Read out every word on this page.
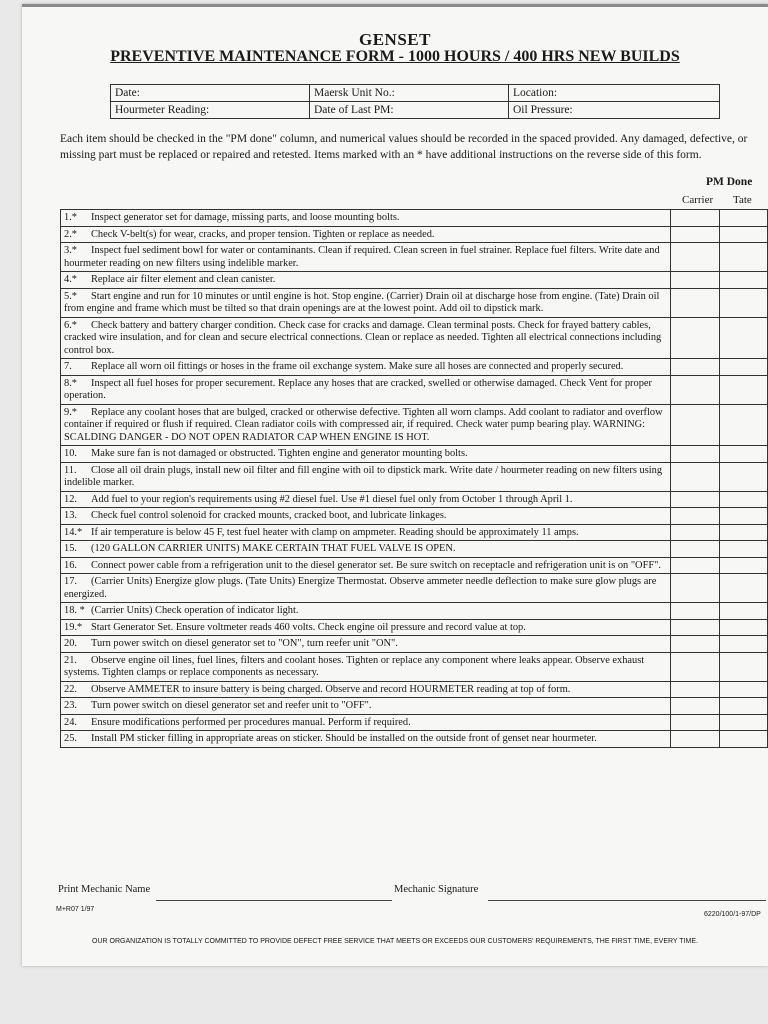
GENSET
PREVENTIVE MAINTENANCE FORM - 1000 HOURS / 400 HRS NEW BUILDS
Date:	Maersk Unit No.:	Location:
Hourmeter Reading:	Date of Last PM:	Oil Pressure:
Each item should be checked in the "PM done" column, and numerical values should be recorded in the spaced provided. Any damaged, defective, or missing part must be replaced or repaired and retested. Items marked with an * have additional instructions on the reverse side of this form.
PM Done
Carrier Tate
1.* Inspect generator set for damage, missing parts, and loose mounting bolts.		
2.* Check V-belt(s) for wear, cracks, and proper tension. Tighten or replace as needed.		
3.* Inspect fuel sediment bowl for water or contaminants. Clean if required. Clean screen in fuel strainer. Replace fuel filters. Write date and hourmeter reading on new filters using indelible marker.		
4.* Replace air filter element and clean canister.		
5.* Start engine and run for 10 minutes or until engine is hot. Stop engine. (Carrier) Drain oil at discharge hose from engine. (Tate) Drain oil from engine and frame which must be tilted so that drain openings are at the lowest point. Add oil to dipstick mark.		
6.* Check battery and battery charger condition. Check case for cracks and damage. Clean terminal posts. Check for frayed battery cables, cracked wire insulation, and for clean and secure electrical connections. Clean or replace as needed. Tighten all electrical connections including control box.		
7. Replace all worn oil fittings or hoses in the frame oil exchange system. Make sure all hoses are connected and properly secured.		
8.* Inspect all fuel hoses for proper securement. Replace any hoses that are cracked, swelled or otherwise damaged. Check Vent for proper operation.		
9.* Replace any coolant hoses that are bulged, cracked or otherwise defective. Tighten all worn clamps. Add coolant to radiator and overflow container if required or flush if required. Clean radiator coils with compressed air, if required. Check water pump bearing play. WARNING: SCALDING DANGER - DO NOT OPEN RADIATOR CAP WHEN ENGINE IS HOT.		
10. Make sure fan is not damaged or obstructed. Tighten engine and generator mounting bolts.		
11. Close all oil drain plugs, install new oil filter and fill engine with oil to dipstick mark. Write date / hourmeter reading on new filters using indelible marker.		
12. Add fuel to your region's requirements using #2 diesel fuel. Use #1 diesel fuel only from October 1 through April 1.		
13. Check fuel control solenoid for cracked mounts, cracked boot, and lubricate linkages.		
14.* If air temperature is below 45 F, test fuel heater with clamp on ampmeter. Reading should be approximately 11 amps.		
15. (120 GALLON CARRIER UNITS) MAKE CERTAIN THAT FUEL VALVE IS OPEN.		
16. Connect power cable from a refrigeration unit to the diesel generator set. Be sure switch on receptacle and refrigeration unit is on "OFF".		
17. (Carrier Units) Energize glow plugs. (Tate Units) Energize Thermostat. Observe ammeter needle deflection to make sure glow plugs are energized.		
18. * (Carrier Units) Check operation of indicator light.		
19.* Start Generator Set. Ensure voltmeter reads 460 volts. Check engine oil pressure and record value at top.		
20. Turn power switch on diesel generator set to "ON", turn reefer unit "ON".		
21. Observe engine oil lines, fuel lines, filters and coolant hoses. Tighten or replace any component where leaks appear. Observe exhaust systems. Tighten clamps or replace components as necessary.		
22. Observe AMMETER to insure battery is being charged. Observe and record HOURMETER reading at top of form.		
23. Turn power switch on diesel generator set and reefer unit to "OFF".		
24. Ensure modifications performed per procedures manual. Perform if required.		
25. Install PM sticker filling in appropriate areas on sticker. Should be installed on the outside front of genset near hourmeter.		
Print Mechanic Name	Mechanic Signature
M+R07 1/97
6220/100/1-97/DP
OUR ORGANIZATION IS TOTALLY COMMITTED TO PROVIDE DEFECT FREE SERVICE THAT MEETS OR EXCEEDS OUR CUSTOMERS' REQUIREMENTS, THE FIRST TIME, EVERY TIME.
